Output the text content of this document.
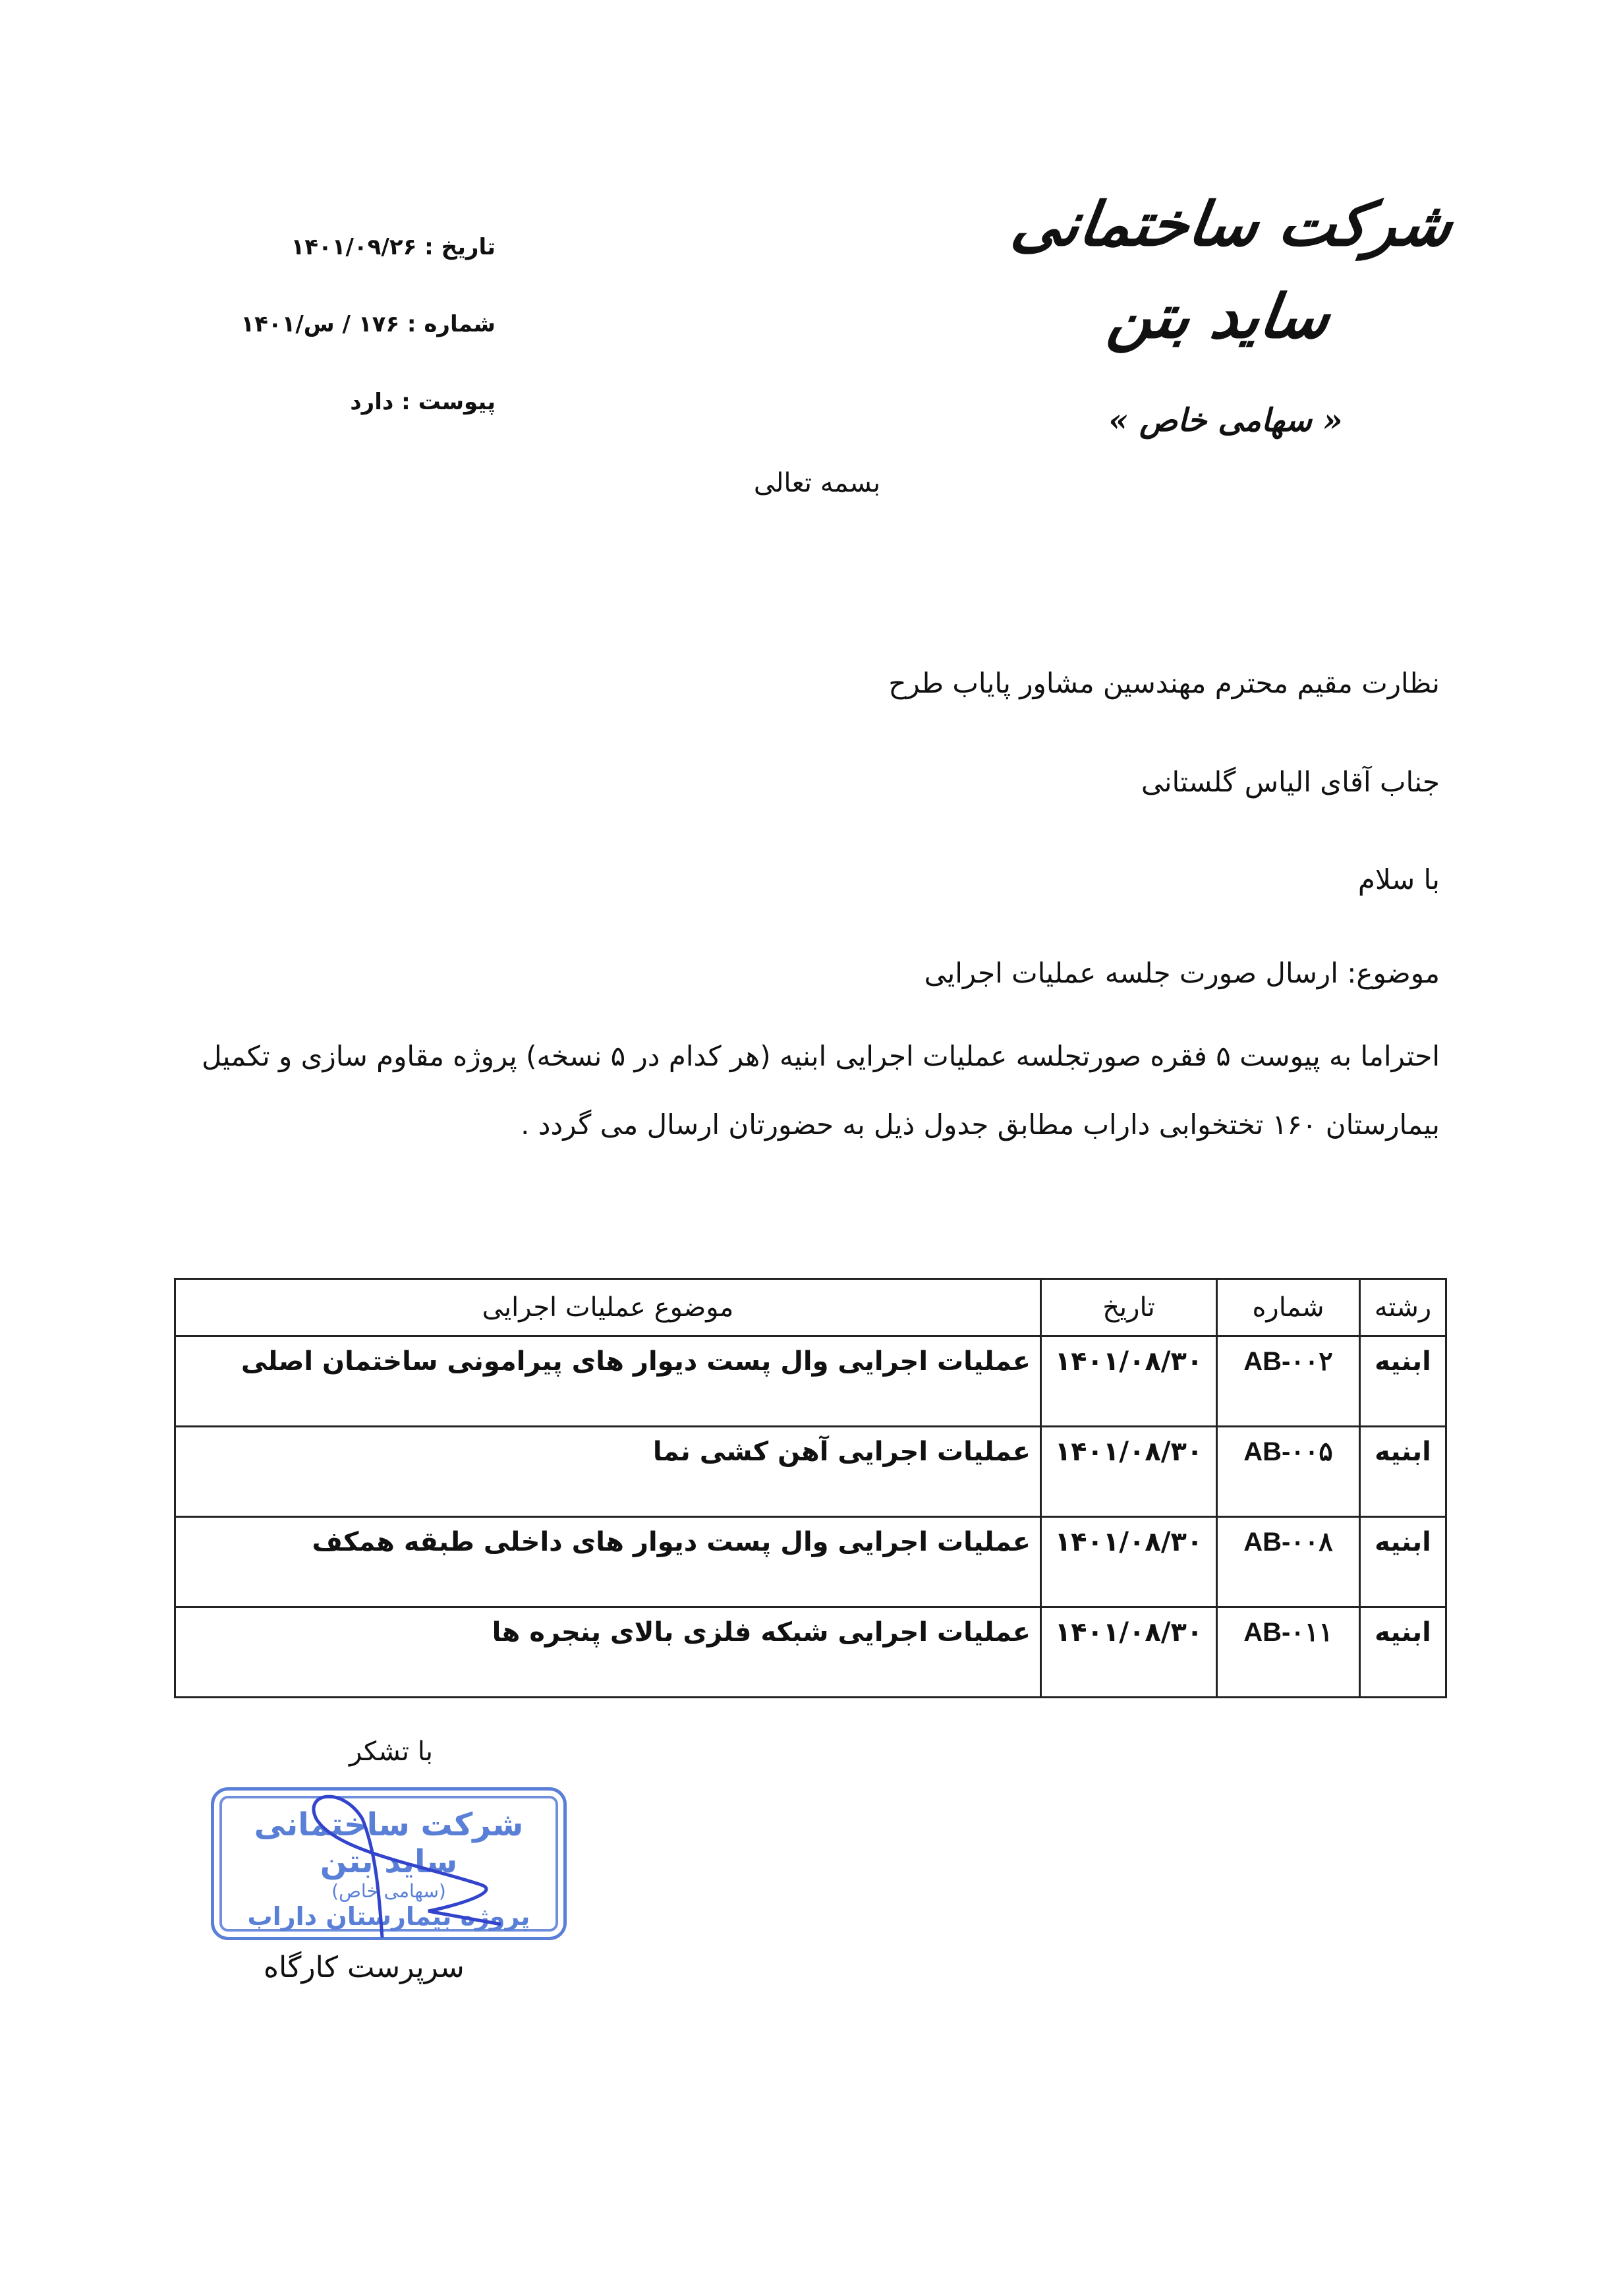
شرکت ساختمانی ساید بتن
« سهامی خاص »
تاریخ : ۱۴۰۱/۰۹/۲۶
شماره : ۱۷۶ / س/۱۴۰۱
پیوست : دارد
بسمه تعالی
نظارت مقیم محترم مهندسین مشاور پایاب طرح
جناب آقای الیاس گلستانی
با سلام
موضوع: ارسال صورت جلسه عملیات اجرایی
احتراما به پیوست ۵ فقره صورتجلسه عملیات اجرایی ابنیه (هر کدام در ۵ نسخه) پروژه مقاوم سازی و تکمیل
بیمارستان ۱۶۰ تختخوابی داراب مطابق جدول ذیل به حضورتان ارسال می گردد .
رشته	شماره	تاریخ	موضوع عملیات اجرایی
ابنیه	AB-۰۰۲	۱۴۰۱/۰۸/۳۰	عملیات اجرایی وال پست دیوار های پیرامونی ساختمان اصلی
ابنیه	AB-۰۰۵	۱۴۰۱/۰۸/۳۰	عملیات اجرایی آهن کشی نما
ابنیه	AB-۰۰۸	۱۴۰۱/۰۸/۳۰	عملیات اجرایی وال پست دیوار های داخلی طبقه همکف
ابنیه	AB-۰۱۱	۱۴۰۱/۰۸/۳۰	عملیات اجرایی شبکه فلزی بالای پنجره ها
با تشکر
شرکت ساختمانی ساید بتن
(سهامی خاص)
پروژه بیمارستان داراب
سرپرست کارگاه
